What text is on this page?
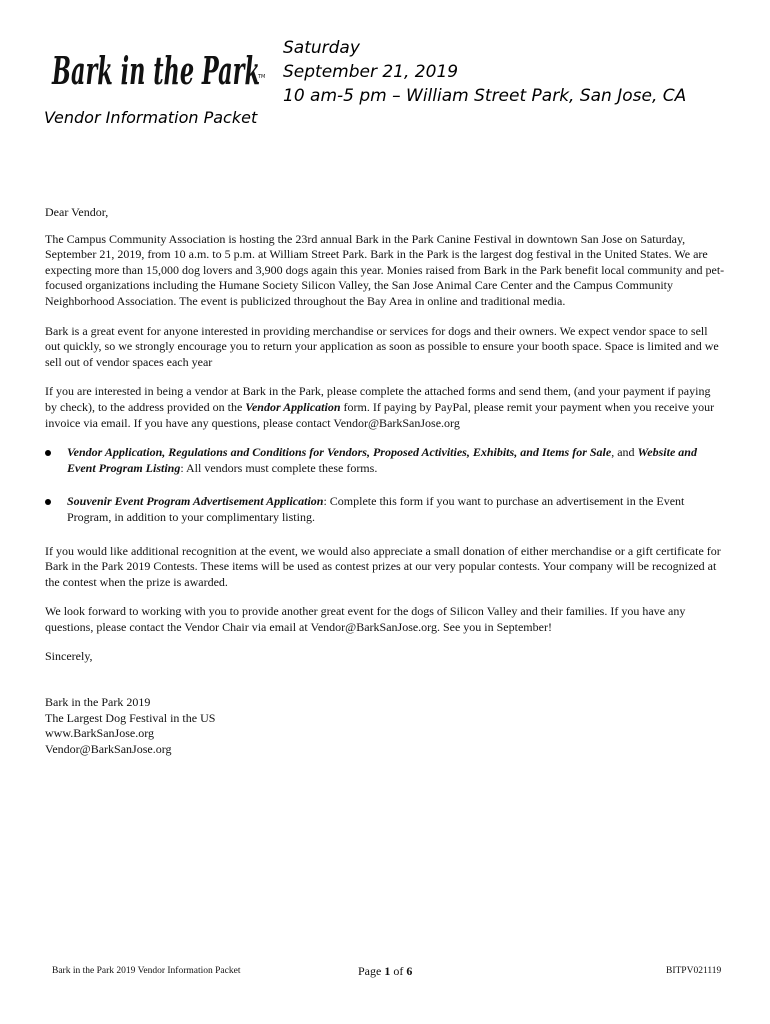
Bark in the Park
TM
Saturday
September 21, 2019
10 am-5 pm – William Street Park, San Jose, CA
Vendor Information Packet

Dear Vendor,

The Campus Community Association is hosting the 23rd annual Bark in the Park Canine Festival in downtown San Jose on Saturday, September 21, 2019, from 10 a.m. to 5 p.m. at William Street Park. Bark in the Park is the largest dog festival in the United States. We are expecting more than 15,000 dog lovers and 3,900 dogs again this year. Monies raised from Bark in the Park benefit local community and pet-focused organizations including the Humane Society Silicon Valley, the San Jose Animal Care Center and the Campus Community Neighborhood Association. The event is publicized throughout the Bay Area in online and traditional media.

Bark is a great event for anyone interested in providing merchandise or services for dogs and their owners. We expect vendor space to sell out quickly, so we strongly encourage you to return your application as soon as possible to ensure your booth space. Space is limited and we sell out of vendor spaces each year

If you are interested in being a vendor at Bark in the Park, please complete the attached forms and send them, (and your payment if paying by check), to the address provided on the Vendor Application form. If paying by PayPal, please remit your payment when you receive your invoice via email. If you have any questions, please contact Vendor@BarkSanJose.org

Vendor Application, Regulations and Conditions for Vendors, Proposed Activities, Exhibits, and Items for Sale, and Website and Event Program Listing: All vendors must complete these forms.
Souvenir Event Program Advertisement Application: Complete this form if you want to purchase an advertisement in the Event Program, in addition to your complimentary listing.

If you would like additional recognition at the event, we would also appreciate a small donation of either merchandise or a gift certificate for Bark in the Park 2019 Contests. These items will be used as contest prizes at our very popular contests. Your company will be recognized at the contest when the prize is awarded.

We look forward to working with you to provide another great event for the dogs of Silicon Valley and their families. If you have any questions, please contact the Vendor Chair via email at Vendor@BarkSanJose.org. See you in September!

Sincerely,

Bark in the Park 2019
The Largest Dog Festival in the US
www.BarkSanJose.org
Vendor@BarkSanJose.org
Bark in the Park 2019 Vendor Information Packet	Page 1 of 6	BITPV021119
